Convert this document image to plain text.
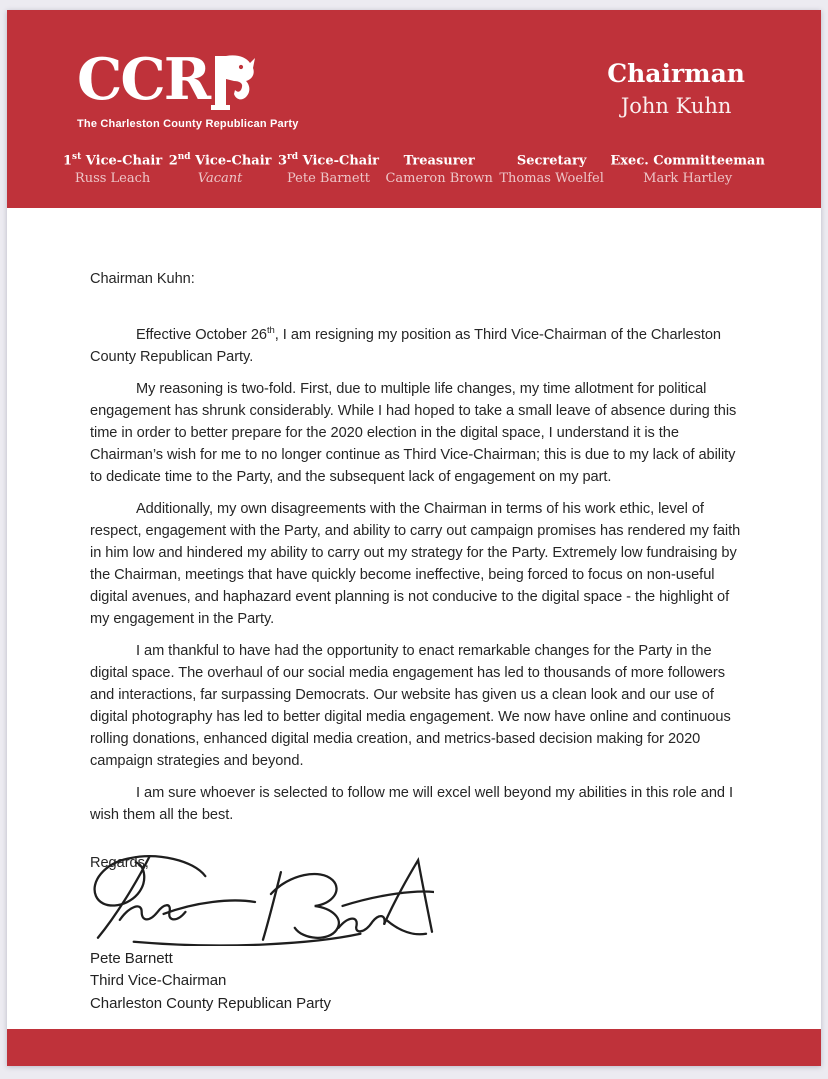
CCR
The Charleston County Republican Party
Chairman
John Kuhn
1st Vice-Chair
Russ Leach
2nd Vice-Chair
Vacant
3rd Vice-Chair
Pete Barnett
Treasurer
Cameron Brown
Secretary
Thomas Woelfel
Exec. Committeeman
Mark Hartley

Chairman Kuhn:

Effective October 26th, I am resigning my position as Third Vice-Chairman of the Charleston County Republican Party.

My reasoning is two-fold. First, due to multiple life changes, my time allotment for political engagement has shrunk considerably. While I had hoped to take a small leave of absence during this time in order to better prepare for the 2020 election in the digital space, I understand it is the Chairman’s wish for me to no longer continue as Third Vice-Chairman; this is due to my lack of ability to dedicate time to the Party, and the subsequent lack of engagement on my part.

Additionally, my own disagreements with the Chairman in terms of his work ethic, level of respect, engagement with the Party, and ability to carry out campaign promises has rendered my faith in him low and hindered my ability to carry out my strategy for the Party. Extremely low fundraising by the Chairman, meetings that have quickly become ineffective, being forced to focus on non-useful digital avenues, and haphazard event planning is not conducive to the digital space - the highlight of my engagement in the Party.

I am thankful to have had the opportunity to enact remarkable changes for the Party in the digital space. The overhaul of our social media engagement has led to thousands of more followers and interactions, far surpassing Democrats. Our website has given us a clean look and our use of digital photography has led to better digital media engagement. We now have online and continuous rolling donations, enhanced digital media creation, and metrics-based decision making for 2020 campaign strategies and beyond.

I am sure whoever is selected to follow me will excel well beyond my abilities in this role and I wish them all the best.

Regards,

Pete Barnett
Third Vice-Chairman
Charleston County Republican Party
